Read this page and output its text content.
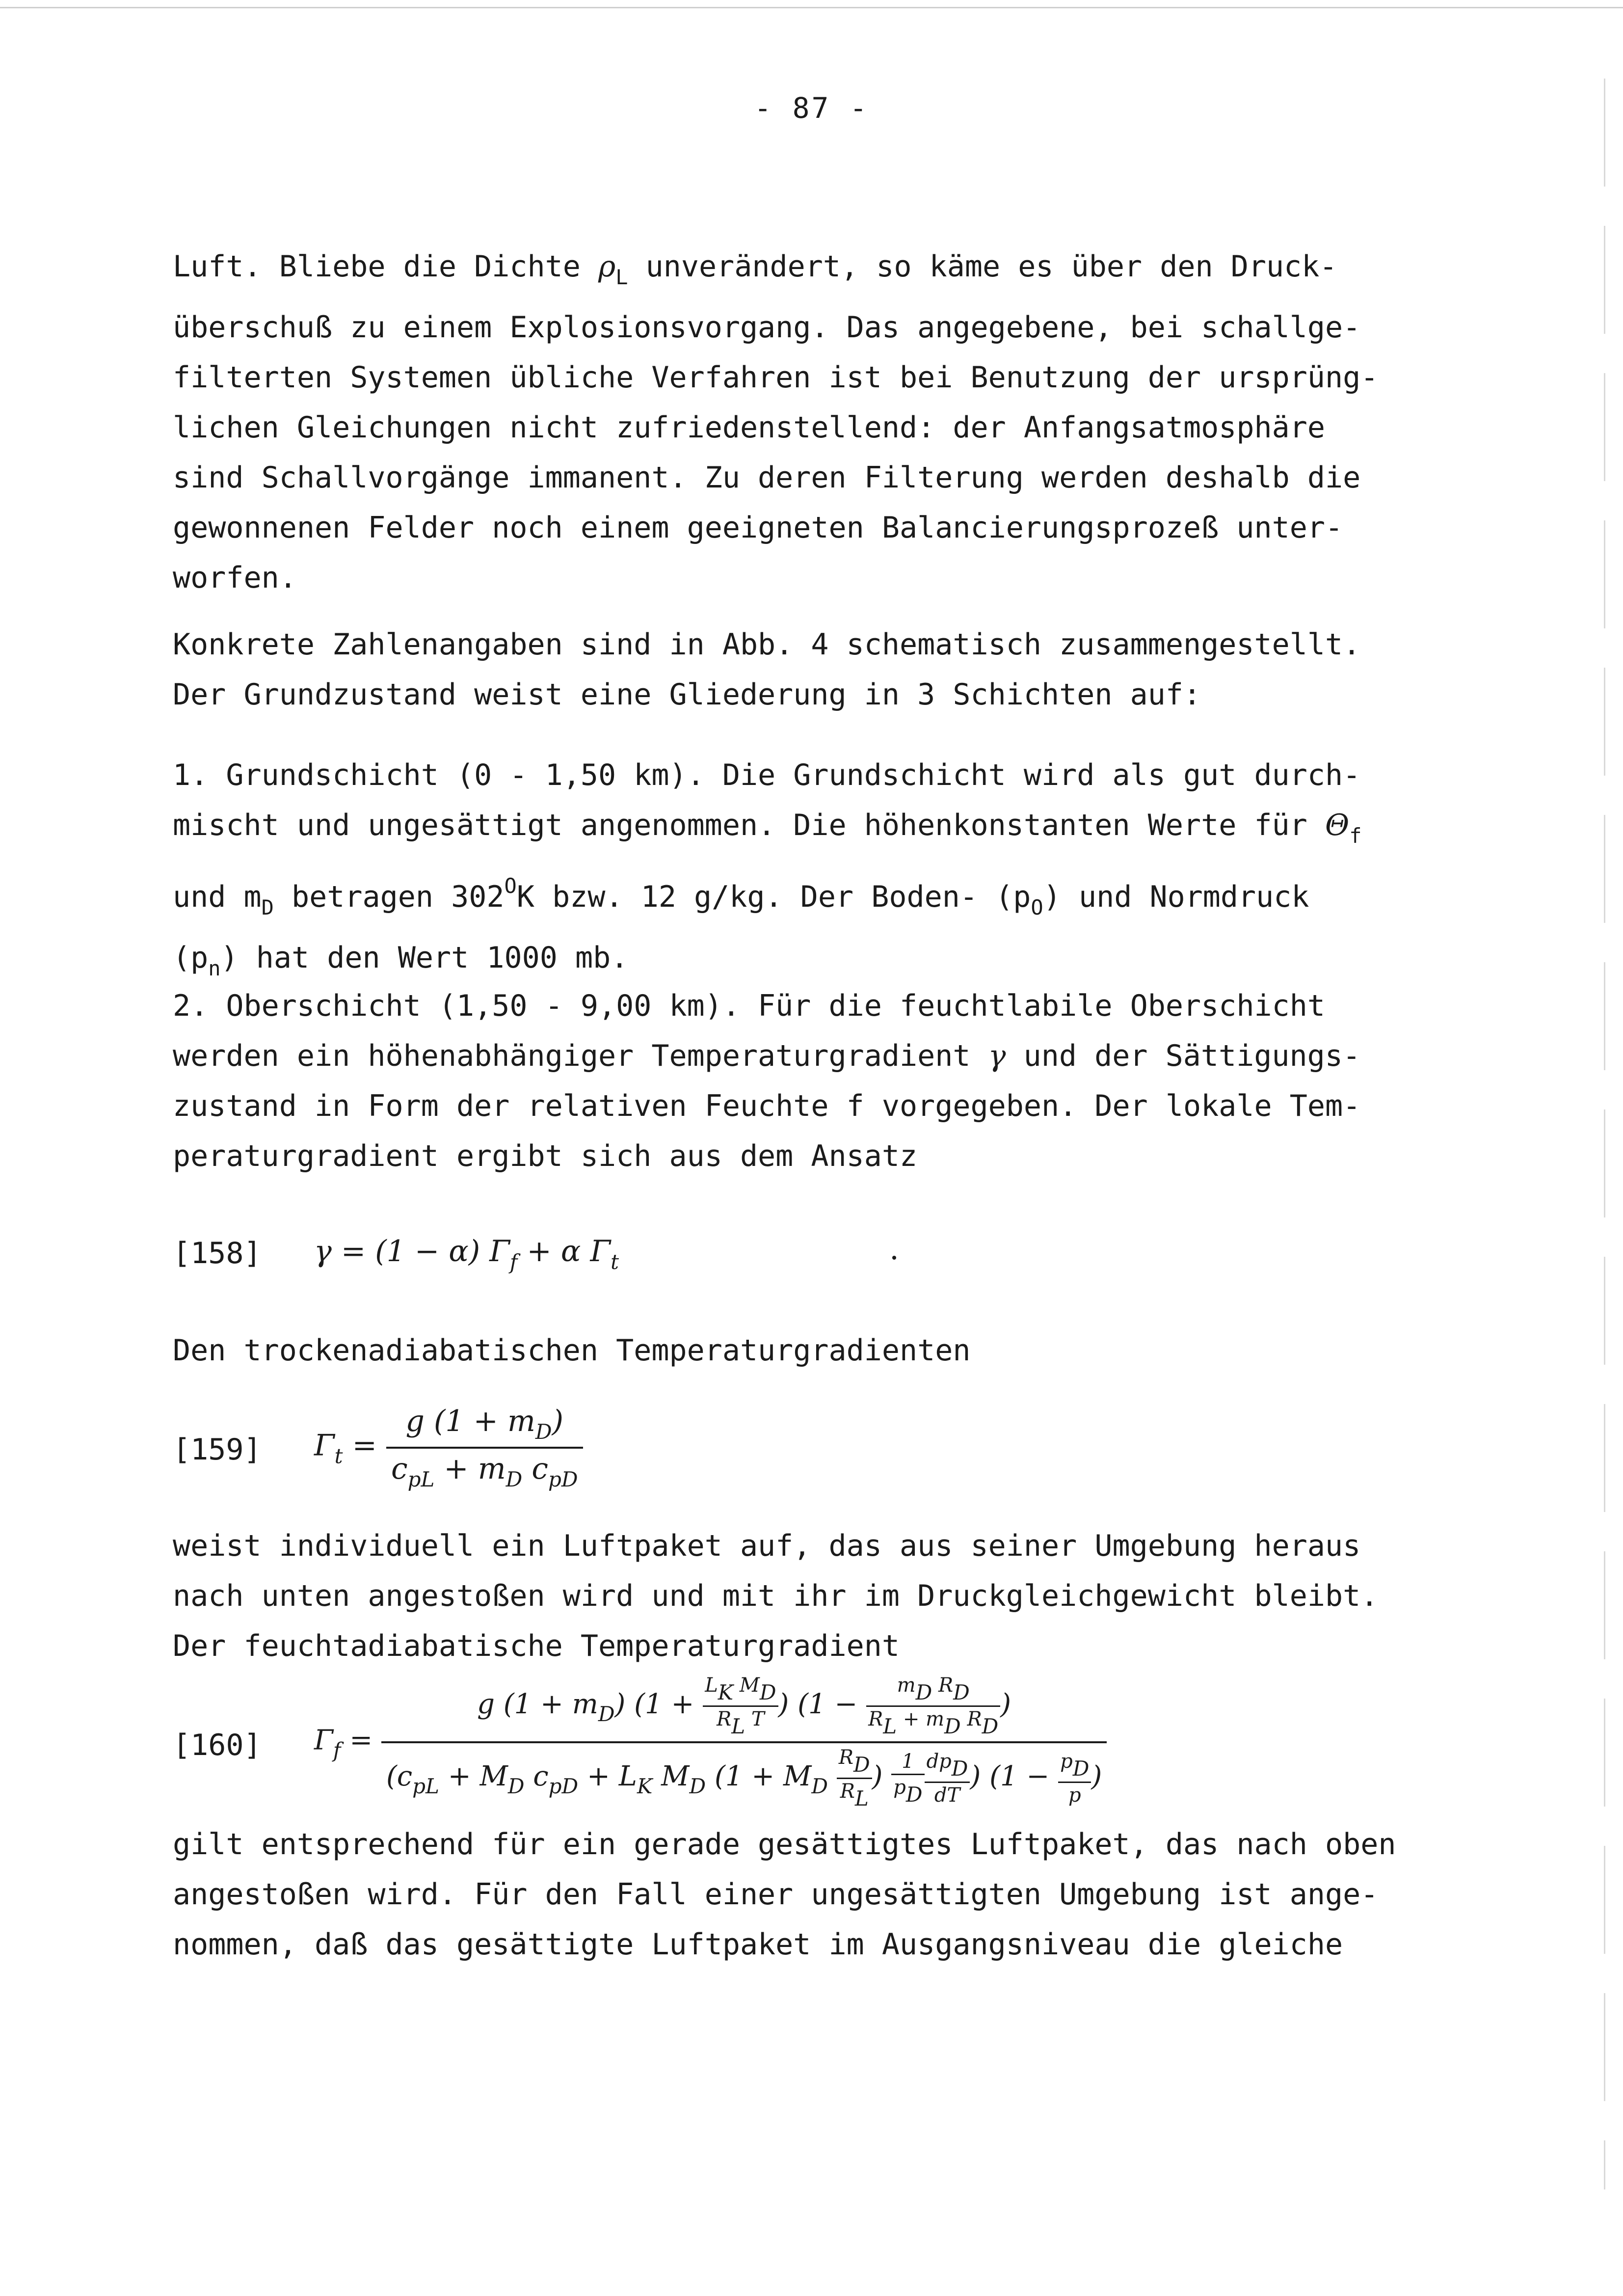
- 87 -
Luft. Bliebe die Dichte $\rho_L$ unverändert, so käme es über den Druck-
überschuß zu einem Explosionsvorgang. Das angegebene, bei schallge-
filterten Systemen übliche Verfahren ist bei Benutzung der ursprüng-
lichen Gleichungen nicht zufriedenstellend: der Anfangsatmosphäre
sind Schallvorgänge immanent. Zu deren Filterung werden deshalb die
gewonnenen Felder noch einem geeigneten Balancierungsprozeß unter-
worfen.
Konkrete Zahlenangaben sind in Abb. 4 schematisch zusammengestellt.
Der Grundzustand weist eine Gliederung in 3 Schichten auf:
1. Grundschicht (0 - 1,50 km). Die Grundschicht wird als gut durch-
mischt und ungesättigt angenommen. Die höhenkonstanten Werte für $\Theta_f$
und $m_D$ betragen $302^OK$ bzw. 12 g/kg. Der Boden- $(p_O)$ und Normdruck
$(p_n)$ hat den Wert 1000 mb.
2. Oberschicht (1,50 - 9,00 km). Für die feuchtlabile Oberschicht
werden ein höhenabhängiger Temperaturgradient γ und der Sättigungs-
zustand in Form der relativen Feuchte f vorgegeben. Der lokale Tem-
peraturgradient ergibt sich aus dem Ansatz
[158] γ = (1 − α) $\Gamma_f + \alpha$ $\Gamma_t$
Den trockenadiabatischen Temperaturgradienten
[159] $\Gamma_t = \frac{g (1 + m_D)}{c_{pL} + m_D c_{pD}}$
weist individuell ein Luftpaket auf, das aus seiner Umgebung heraus
nach unten angestoßen wird und mit ihr im Druckgleichgewicht bleibt.
Der feuchtadiabatische Temperaturgradient
[160] $\Gamma_f = \frac{g (1 + m_D) (1 + \frac{\text{LK MD}}{\text{RL T}} ) (1 - \frac{\text{mD RD}}{\text{RL + mD RD}} )}{(c_{pL} + M_D c_{pD} + L_K M_D (1 + M_D \frac{RD}{RL} ) \frac{1}{pD} \frac{\text{dpD}}{dT} ) (1 - \frac{pD}{p} )}$
gilt entsprechend für ein gerade gesättigtes Luftpaket, das nach oben
angestoßen wird. Für den Fall einer ungesättigten Umgebung ist ange-
nommen, daß das gesättigte Luftpaket im Ausgangsniveau die gleiche
